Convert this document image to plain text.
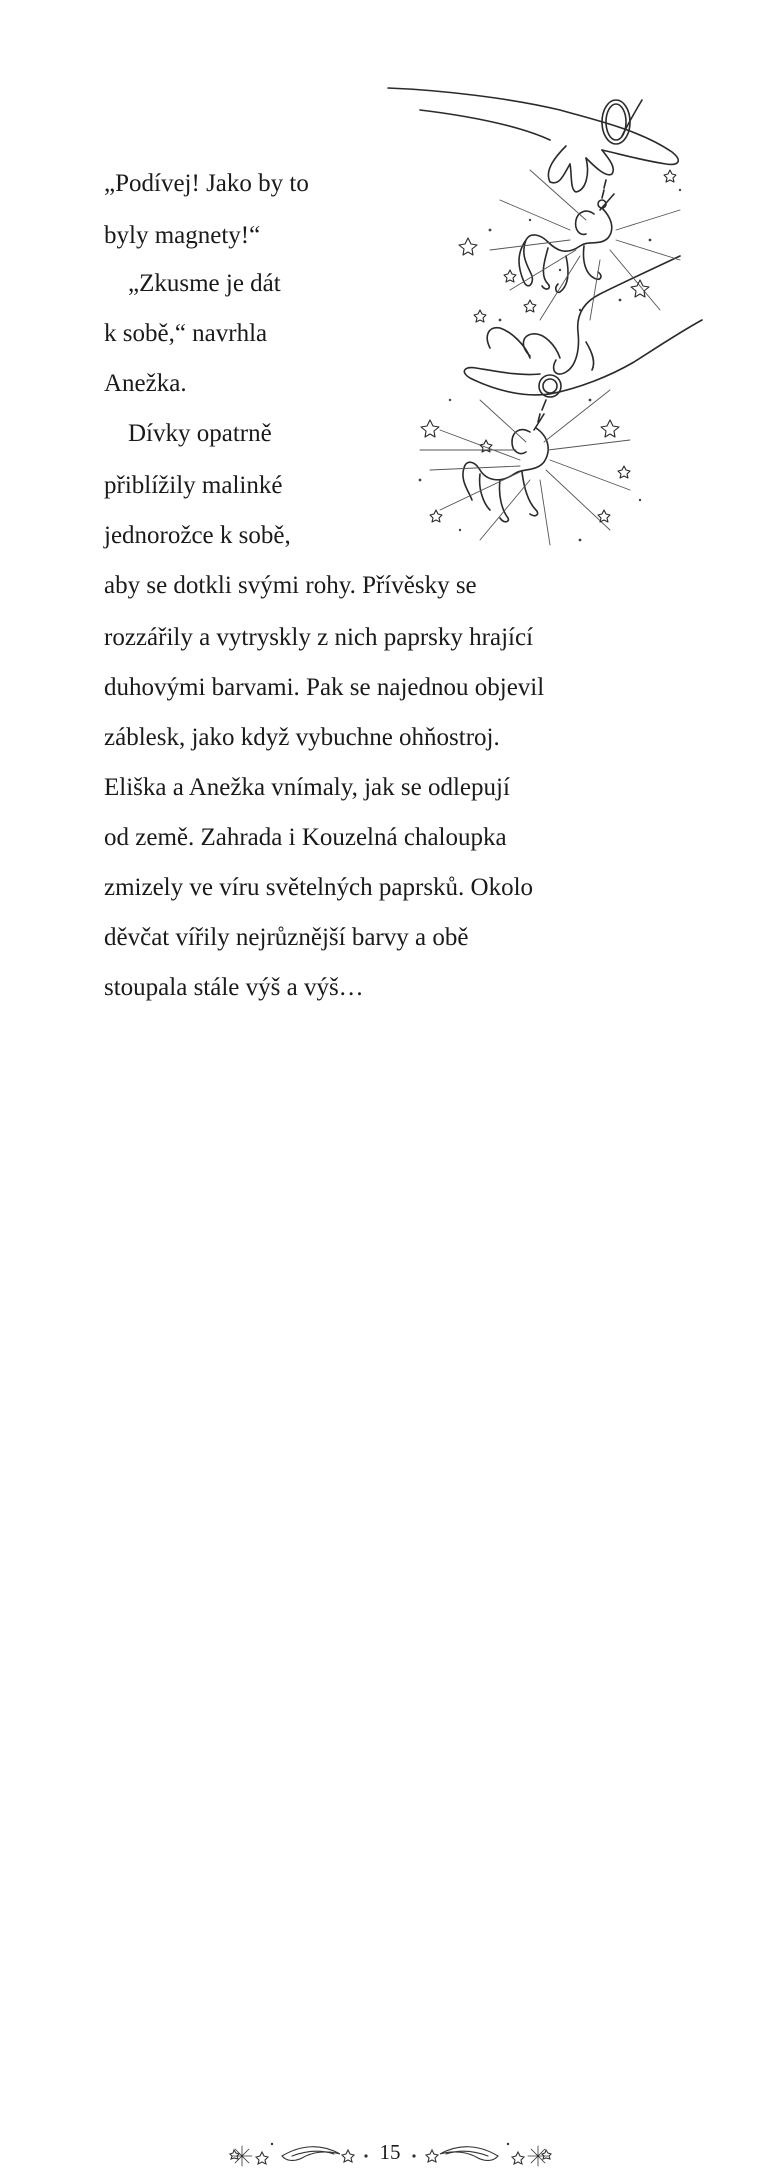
„Podívej! Jako by to
byly magnety!“
„Zkusme je dát
k sobě,“ navrhla
Anežka.
Dívky opatrně
přiblížily malinké
jednorožce k sobě,
aby se dotkli svými rohy. Přívěsky se
rozzářily a vytryskly z nich paprsky hrající
duhovými barvami. Pak se najednou objevil
záblesk, jako když vybuchne ohňostroj.
Eliška a Anežka vnímaly, jak se odlepují
od země. Zahrada i Kouzelná chaloupka
zmizely ve víru světelných paprsků. Okolo
děvčat vířily nejrůznější barvy a obě
stoupala stále výš a výš…
15
